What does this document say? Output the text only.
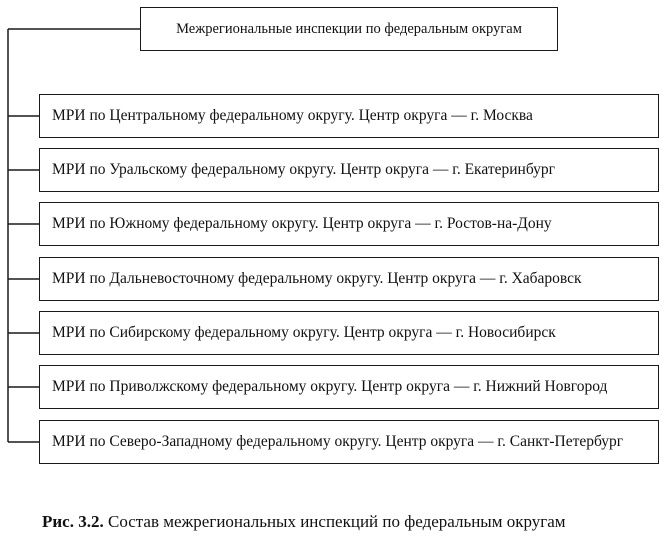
Межрегиональные инспекции по федеральным округам
МРИ по Центральному федеральному округу. Центр округа — г. Москва
МРИ по Уральскому федеральному округу. Центр округа — г. Екатеринбург
МРИ по Южному федеральному округу. Центр округа — г. Ростов-на-Дону
МРИ по Дальневосточному федеральному округу. Центр округа — г. Хабаровск
МРИ по Сибирскому федеральному округу. Центр округа — г. Новосибирск
МРИ по Приволжскому федеральному округу. Центр округа — г. Нижний Новгород
МРИ по Северо-Западному федеральному округу. Центр округа — г. Санкт-Петербург
Рис. 3.2. Состав межрегиональных инспекций по федеральным округам
